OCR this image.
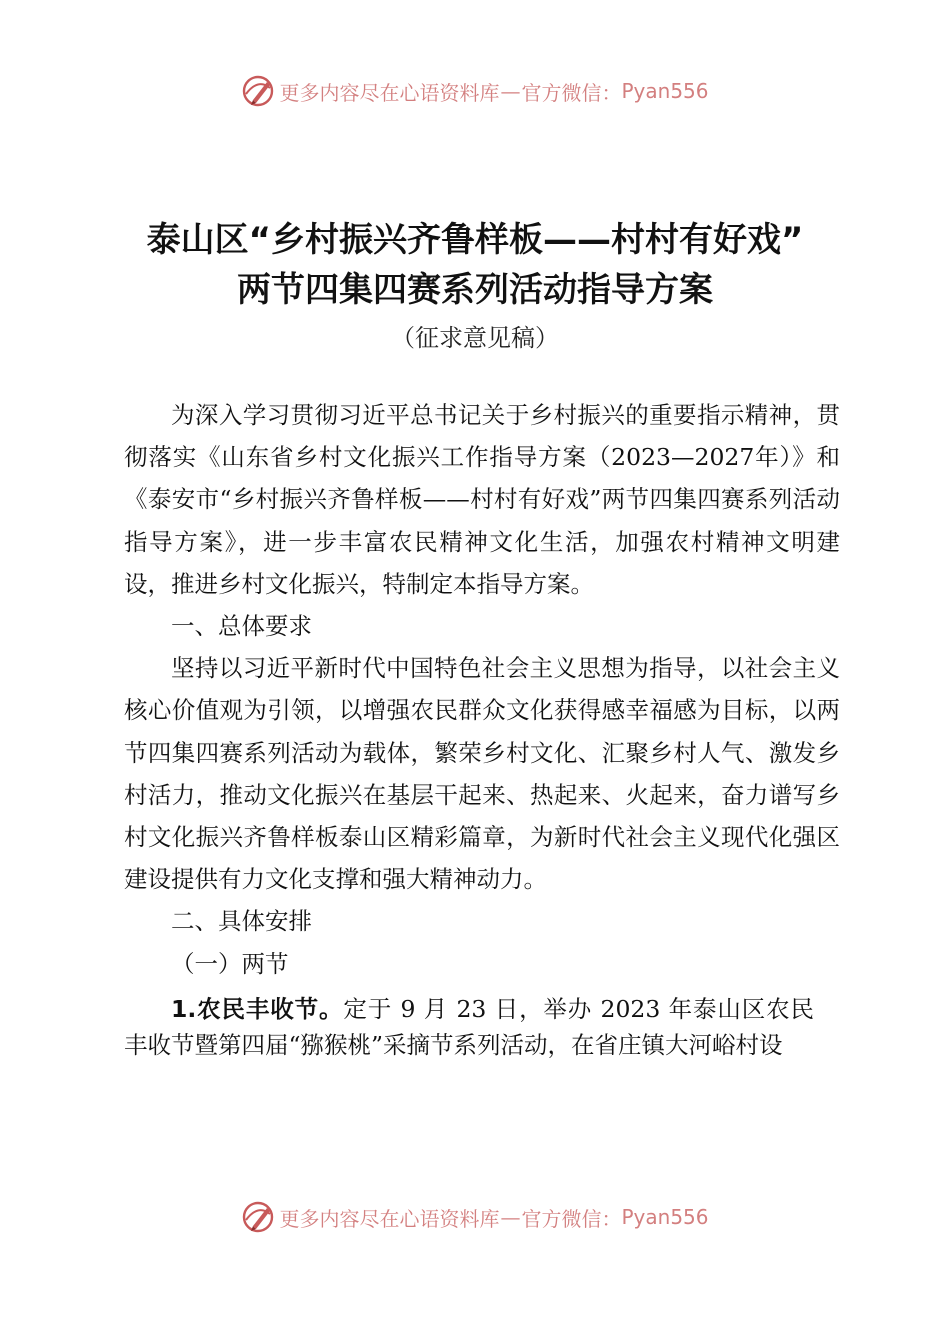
更多内容尽在心语资料库 — 官方微信： Pyan556
泰山区“乡村振兴齐鲁样板——村村有好戏”
两节四集四赛系列活动指导方案
（征求意见稿）

为深入学习贯彻习近平总书记关于乡村振兴的重要指示精神，贯彻落实《山东省乡村文化振兴工作指导方案（2023—2027年）》和《泰安市“乡村振兴齐鲁样板——村村有好戏”两节四集四赛系列活动指导方案》，进一步丰富农民精神文化生活，加强农村精神文明建设，推进乡村文化振兴，特制定本指导方案。

一、总体要求

坚持以习近平新时代中国特色社会主义思想为指导，以社会主义核心价值观为引领，以增强农民群众文化获得感幸福感为目标，以两节四集四赛系列活动为载体，繁荣乡村文化、汇聚乡村人气、激发乡村活力，推动文化振兴在基层干起来、热起来、火起来，奋力谱写乡村文化振兴齐鲁样板泰山区精彩篇章，为新时代社会主义现代化强区建设提供有力文化支撑和强大精神动力。

二、具体安排

（一）两节

1.农民丰收节。定于 9 月 23 日，举办 2023 年泰山区农民丰收节暨第四届“猕猴桃”采摘节系列活动，在省庄镇大河峪村设

更多内容尽在心语资料库 — 官方微信： Pyan556
